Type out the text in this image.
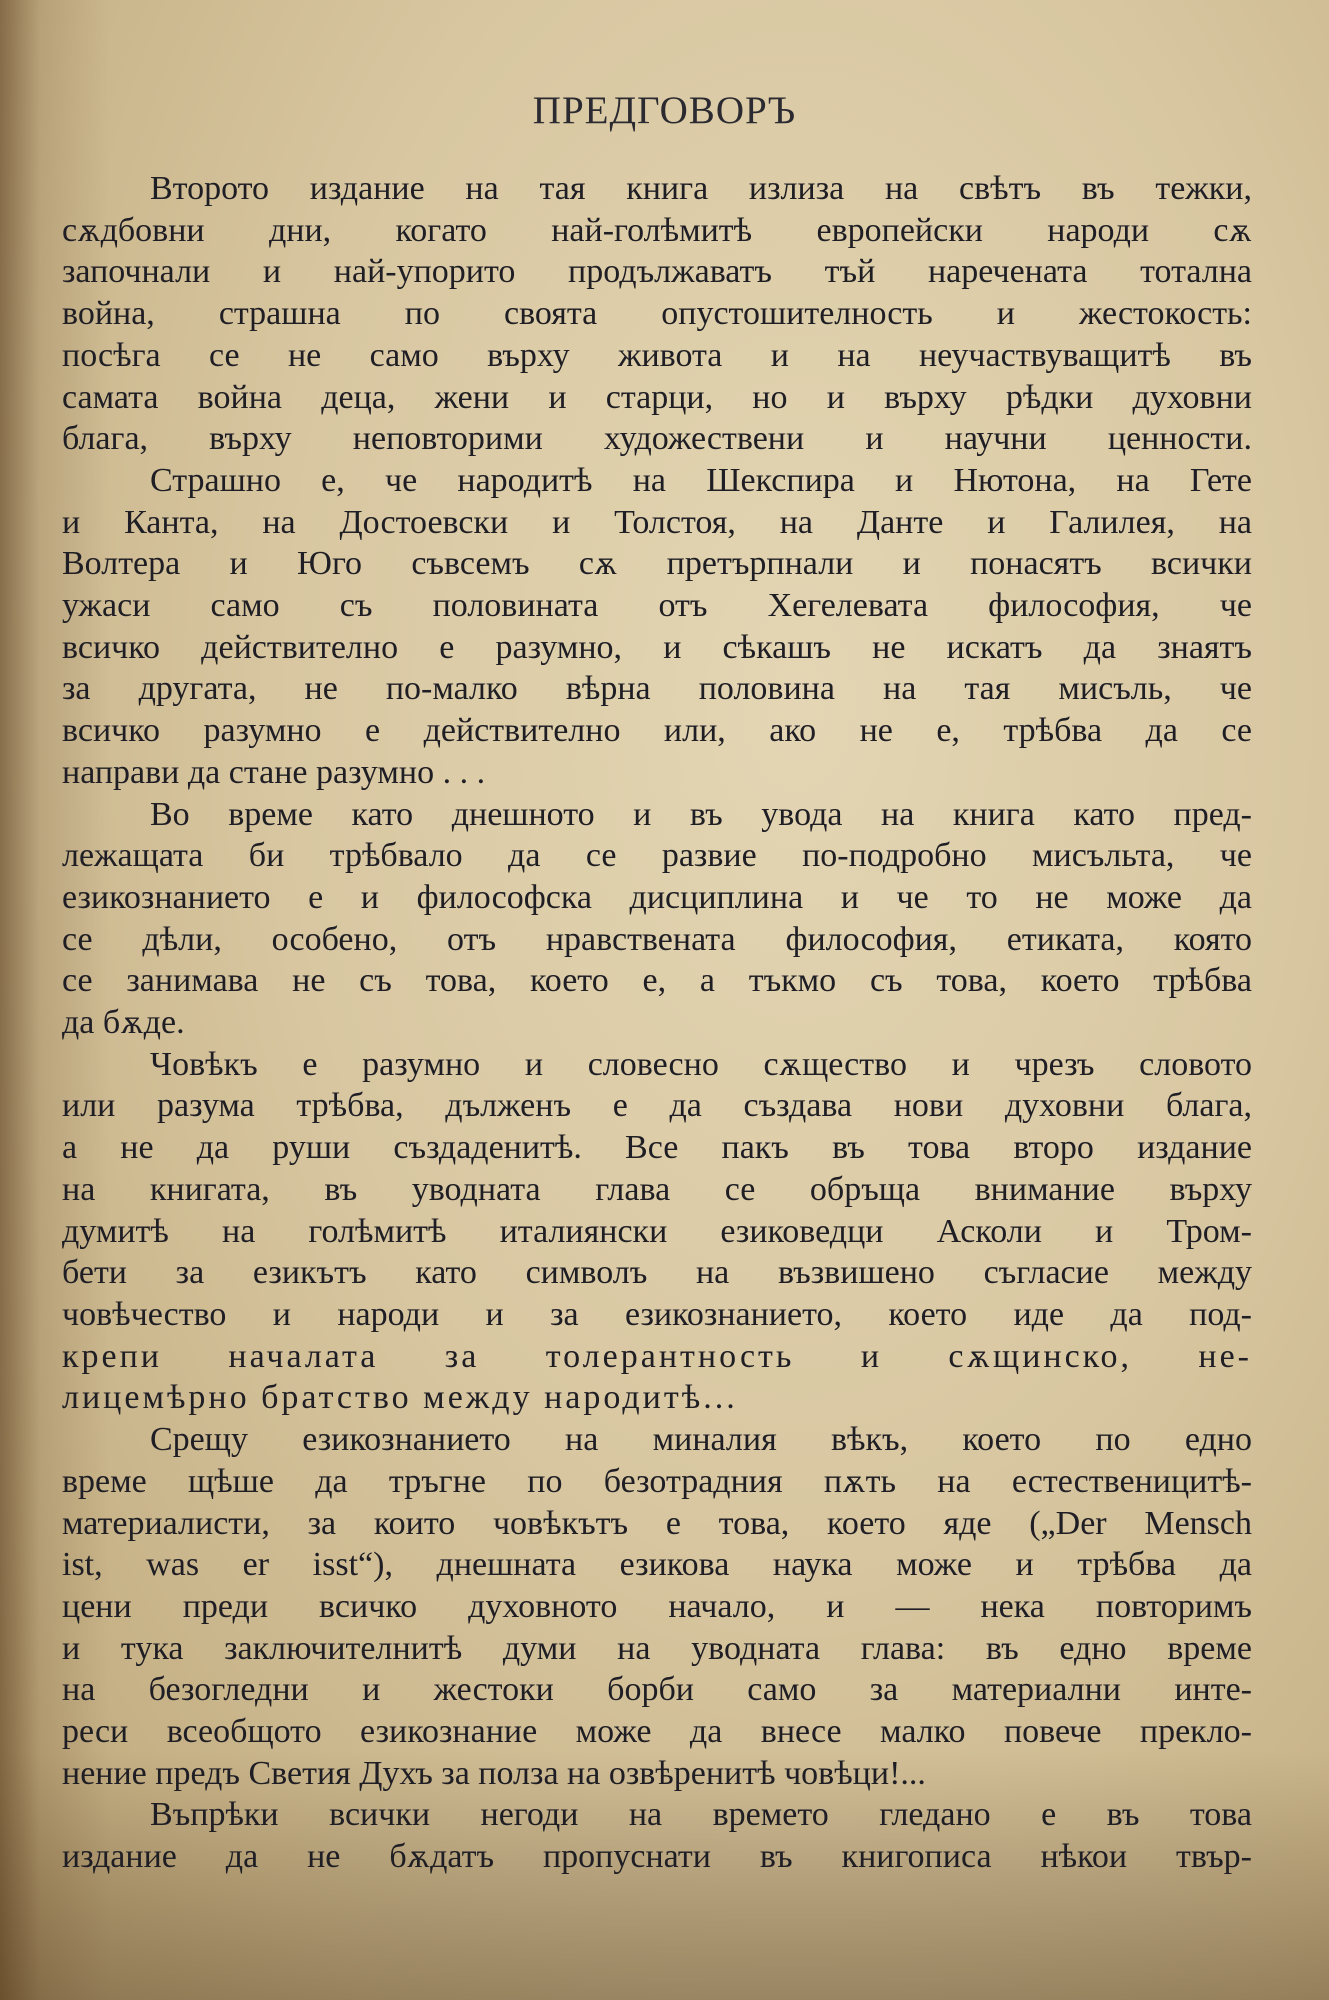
ПРЕДГОВОРЪ
Второто издание на тая книга излиза на свѣтъ въ тежки,
сѫдбовни дни, когато най-голѣмитѣ европейски народи сѫ
започнали и най-упорито продължаватъ тъй наречената тотална
война, страшна по своята опустошителность и жестокость:
посѣга се не само върху живота и на неучаствуващитѣ въ
самата война деца, жени и старци, но и върху рѣдки духовни
блага, върху неповторими художествени и научни ценности.
Страшно е, че народитѣ на Шекспира и Нютона, на Гете
и Канта, на Достоевски и Толстоя, на Данте и Галилея, на
Волтера и Юго съвсемъ сѫ претърпнали и понасятъ всички
ужаси само съ половината отъ Хегелевата философия, че
всичко действително е разумно, и сѣкашъ не искатъ да знаятъ
за другата, не по-малко вѣрна половина на тая мисъль, че
всичко разумно е действително или, ако не е, трѣбва да се
направи да стане разумно . . .
Во време като днешното и въ увода на книга като пред-
лежащата би трѣбвало да се развие по-подробно мисъльта, че
езикознанието е и философска дисциплина и че то не може да
се дѣли, особено, отъ нравствената философия, етиката, която
се занимава не съ това, което е, а тъкмо съ това, което трѣбва
да бѫде.
Човѣкъ е разумно и словесно сѫщество и чрезъ словото
или разума трѣбва, дълженъ е да създава нови духовни блага,
а не да руши създаденитѣ. Все пакъ въ това второ издание
на книгата, въ уводната глава се обръща внимание върху
думитѣ на голѣмитѣ италиянски езиковедци Асколи и Тром-
бети за езикътъ като символъ на възвишено съгласие между
човѣчество и народи и за езикознанието, което иде да под-
крепи началата за толерантность и сѫщинско, не-
лицемѣрно братство между народитѣ...
Срещу езикознанието на миналия вѣкъ, което по едно
време щѣше да тръгне по безотрадния пѫть на естественицитѣ-
материалисти, за които човѣкътъ е това, което яде („Der Mensch
ist, was er isst“), днешната езикова наука може и трѣбва да
цени преди всичко духовното начало, и — нека повторимъ
и тука заключителнитѣ думи на уводната глава: въ едно време
на безогледни и жестоки борби само за материални инте-
реси всеобщото езикознание може да внесе малко повече прекло-
нение предъ Светия Духъ за полза на озвѣренитѣ човѣци!...
Въпрѣки всички негоди на времето гледано е въ това
издание да не бѫдатъ пропуснати въ книгописа нѣкои твър-
